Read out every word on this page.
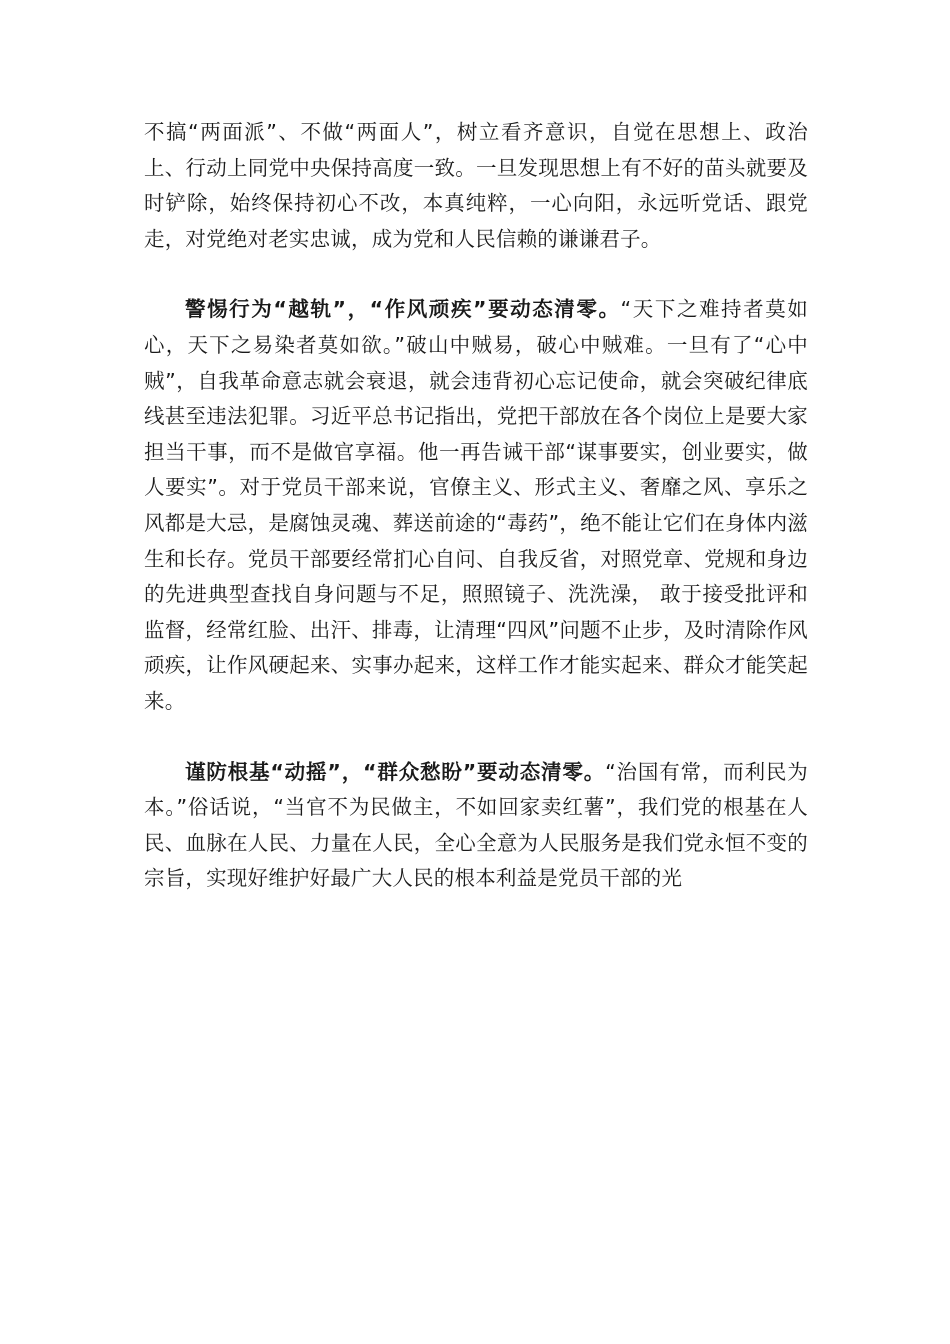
不搞“两面派”、不做“两面人”，树立看齐意识，自觉在思想上、政治上、行动上同党中央保持高度一致。一旦发现思想上有不好的苗头就要及时铲除，始终保持初心不改，本真纯粹，一心向阳，永远听党话、跟党走，对党绝对老实忠诚，成为党和人民信赖的谦谦君子。

警惕行为“越轨”，“作风顽疾”要动态清零。“天下之难持者莫如心，天下之易染者莫如欲。”破山中贼易，破心中贼难。一旦有了“心中贼”，自我革命意志就会衰退，就会违背初心忘记使命，就会突破纪律底线甚至违法犯罪。习近平总书记指出，党把干部放在各个岗位上是要大家担当干事，而不是做官享福。他一再告诫干部“谋事要实，创业要实，做人要实”。对于党员干部来说，官僚主义、形式主义、奢靡之风、享乐之风都是大忌，是腐蚀灵魂、葬送前途的“毒药”，绝不能让它们在身体内滋生和长存。党员干部要经常扪心自问、自我反省，对照党章、党规和身边的先进典型查找自身问题与不足，照照镜子、洗洗澡， 敢于接受批评和监督，经常红脸、出汗、排毒，让清理“四风”问题不止步，及时清除作风顽疾，让作风硬起来、实事办起来，这样工作才能实起来、群众才能笑起来。

谨防根基“动摇”，“群众愁盼”要动态清零。“治国有常，而利民为本。”俗话说，“当官不为民做主，不如回家卖红薯”，我们党的根基在人民、血脉在人民、力量在人民，全心全意为人民服务是我们党永恒不变的宗旨，实现好维护好最广大人民的根本利益是党员干部的光
